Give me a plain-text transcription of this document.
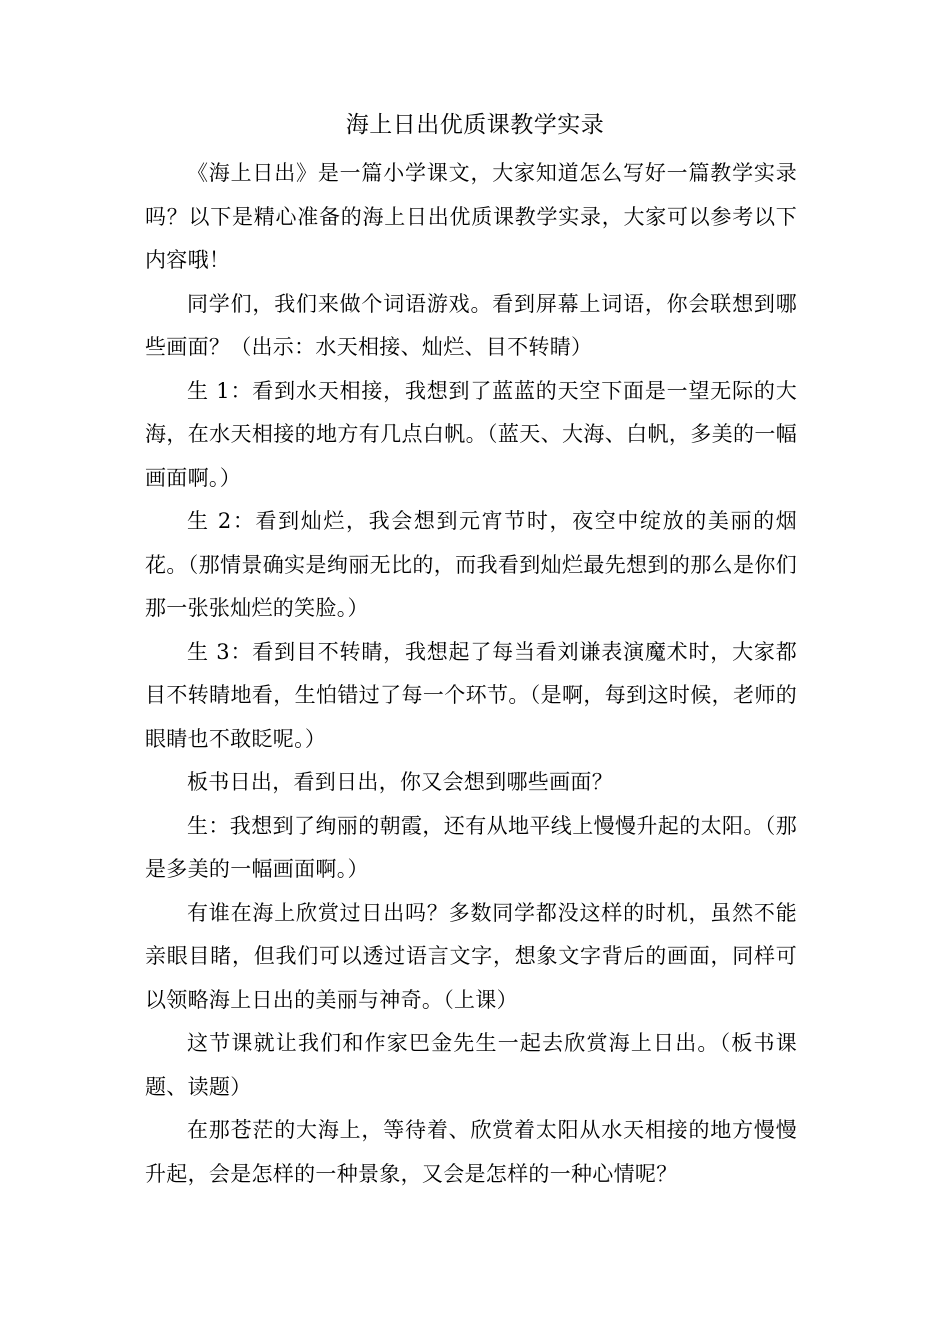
海上日出优质课教学实录

《海上日出》是一篇小学课文，大家知道怎么写好一篇教学实录吗？以下是精心准备的海上日出优质课教学实录，大家可以参考以下内容哦！

同学们，我们来做个词语游戏。看到屏幕上词语，你会联想到哪些画面？（出示：水天相接、灿烂、目不转睛）

生 1：看到水天相接，我想到了蓝蓝的天空下面是一望无际的大海，在水天相接的地方有几点白帆。（蓝天、大海、白帆，多美的一幅画面啊。）

生 2：看到灿烂，我会想到元宵节时，夜空中绽放的美丽的烟花。（那情景确实是绚丽无比的，而我看到灿烂最先想到的那么是你们那一张张灿烂的笑脸。）

生 3：看到目不转睛，我想起了每当看刘谦表演魔术时，大家都目不转睛地看，生怕错过了每一个环节。（是啊，每到这时候，老师的眼睛也不敢眨呢。）

板书日出，看到日出，你又会想到哪些画面？

生：我想到了绚丽的朝霞，还有从地平线上慢慢升起的太阳。（那是多美的一幅画面啊。）

有谁在海上欣赏过日出吗？多数同学都没这样的时机，虽然不能亲眼目睹，但我们可以透过语言文字，想象文字背后的画面，同样可以领略海上日出的美丽与神奇。（上课）

这节课就让我们和作家巴金先生一起去欣赏海上日出。（板书课题、读题）

在那苍茫的大海上，等待着、欣赏着太阳从水天相接的地方慢慢升起，会是怎样的一种景象，又会是怎样的一种心情呢？
